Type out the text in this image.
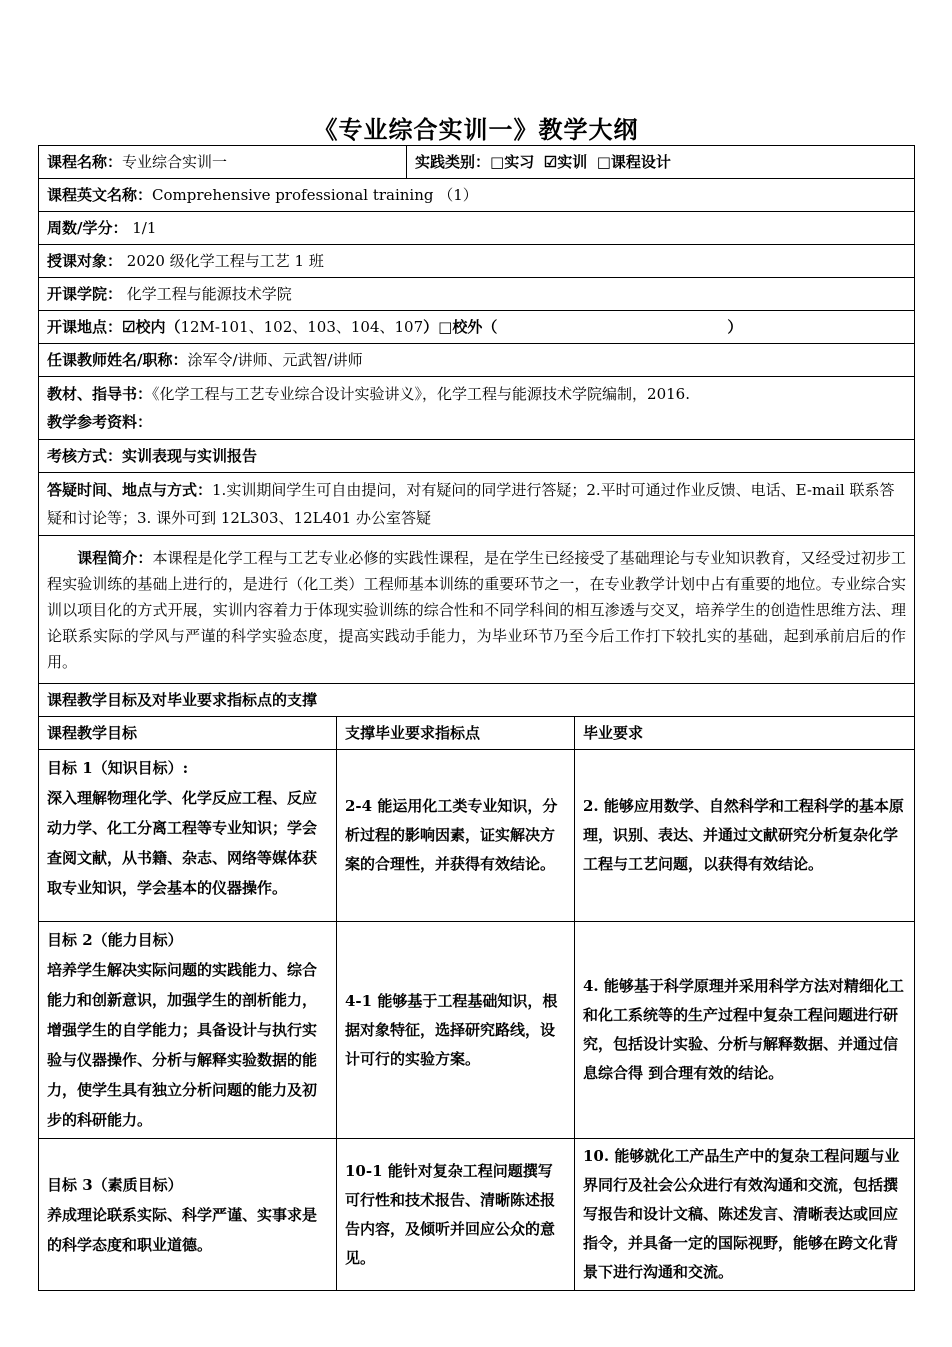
《专业综合实训一》教学大纲
课程名称：专业综合实训一		实践类别：□实习 ☑实训 □课程设计	
课程英文名称：Comprehensive professional training （1）			
周数/学分： 1/1			
授课对象： 2020 级化学工程与工艺 1 班			
开课学院： 化学工程与能源技术学院			
开课地点：☑校内（12M-101、102、103、104、107）□校外（ ）			
任课教师姓名/职称：涂军令/讲师、元武智/讲师			

教材、指导书：《化学工程与工艺专业综合设计实验讲义》，化学工程与能源技术学院编制，2016.
教学参考资料：			

考核方式：实训表现与实训报告			
答疑时间、地点与方式：1.实训期间学生可自由提问，对有疑问的同学进行答疑；2.平时可通过作业反馈、电话、E-mail 联系答疑和讨论等；3. 课外可到 12L303、12L401 办公室答疑			
课程简介：本课程是化学工程与工艺专业必修的实践性课程，是在学生已经接受了基础理论与专业知识教育，又经受过初步工程实验训练的基础上进行的，是进行（化工类）工程师基本训练的重要环节之一，在专业教学计划中占有重要的地位。专业综合实训以项目化的方式开展，实训内容着力于体现实验训练的综合性和不同学科间的相互渗透与交叉，培养学生的创造性思维方法、理论联系实际的学风与严谨的科学实验态度，提高实践动手能力，为毕业环节乃至今后工作打下较扎实的基础，起到承前启后的作用。			
课程教学目标及对毕业要求指标点的支撑			
课程教学目标	支撑毕业要求指标点		毕业要求

目标 1（知识目标）:
深入理解物理化学、化学反应工程、反应动力学、化工分离工程等专业知识；学会查阅文献，从书籍、杂志、网络等媒体获取专业知识，学会基本的仪器操作。	2-4 能运用化工类专业知识，分析过程的影响因素，证实解决方案的合理性，并获得有效结论。		2. 能够应用数学、自然科学和工程科学的基本原理，识别、表达、并通过文献研究分析复杂化学工程与工艺问题，以获得有效结论。

目标 2（能力目标）
培养学生解决实际问题的实践能力、综合能力和创新意识，加强学生的剖析能力，增强学生的自学能力；具备设计与执行实验与仪器操作、分析与解释实验数据的能力，使学生具有独立分析问题的能力及初 步的科研能力。	4-1 能够基于工程基础知识，根据对象特征，选择研究路线，设计可行的实验方案。		4. 能够基于科学原理并采用科学方法对精细化工和化工系统等的生产过程中复杂工程问题进行研究，包括设计实验、分析与解释数据、并通过信息综合得 到合理有效的结论。

目标 3（素质目标）
养成理论联系实际、科学严谨、实事求是的科学态度和职业道德。	10-1 能针对复杂工程问题撰写可行性和技术报告、清晰陈述报告内容，及倾听并回应公众的意见。		10. 能够就化工产品生产中的复杂工程问题与业界同行及社会公众进行有效沟通和交流，包括撰写报告和设计文稿、陈述发言、清晰表达或回应指令，并具备一定的国际视野，能够在跨文化背景下进行沟通和交流。
